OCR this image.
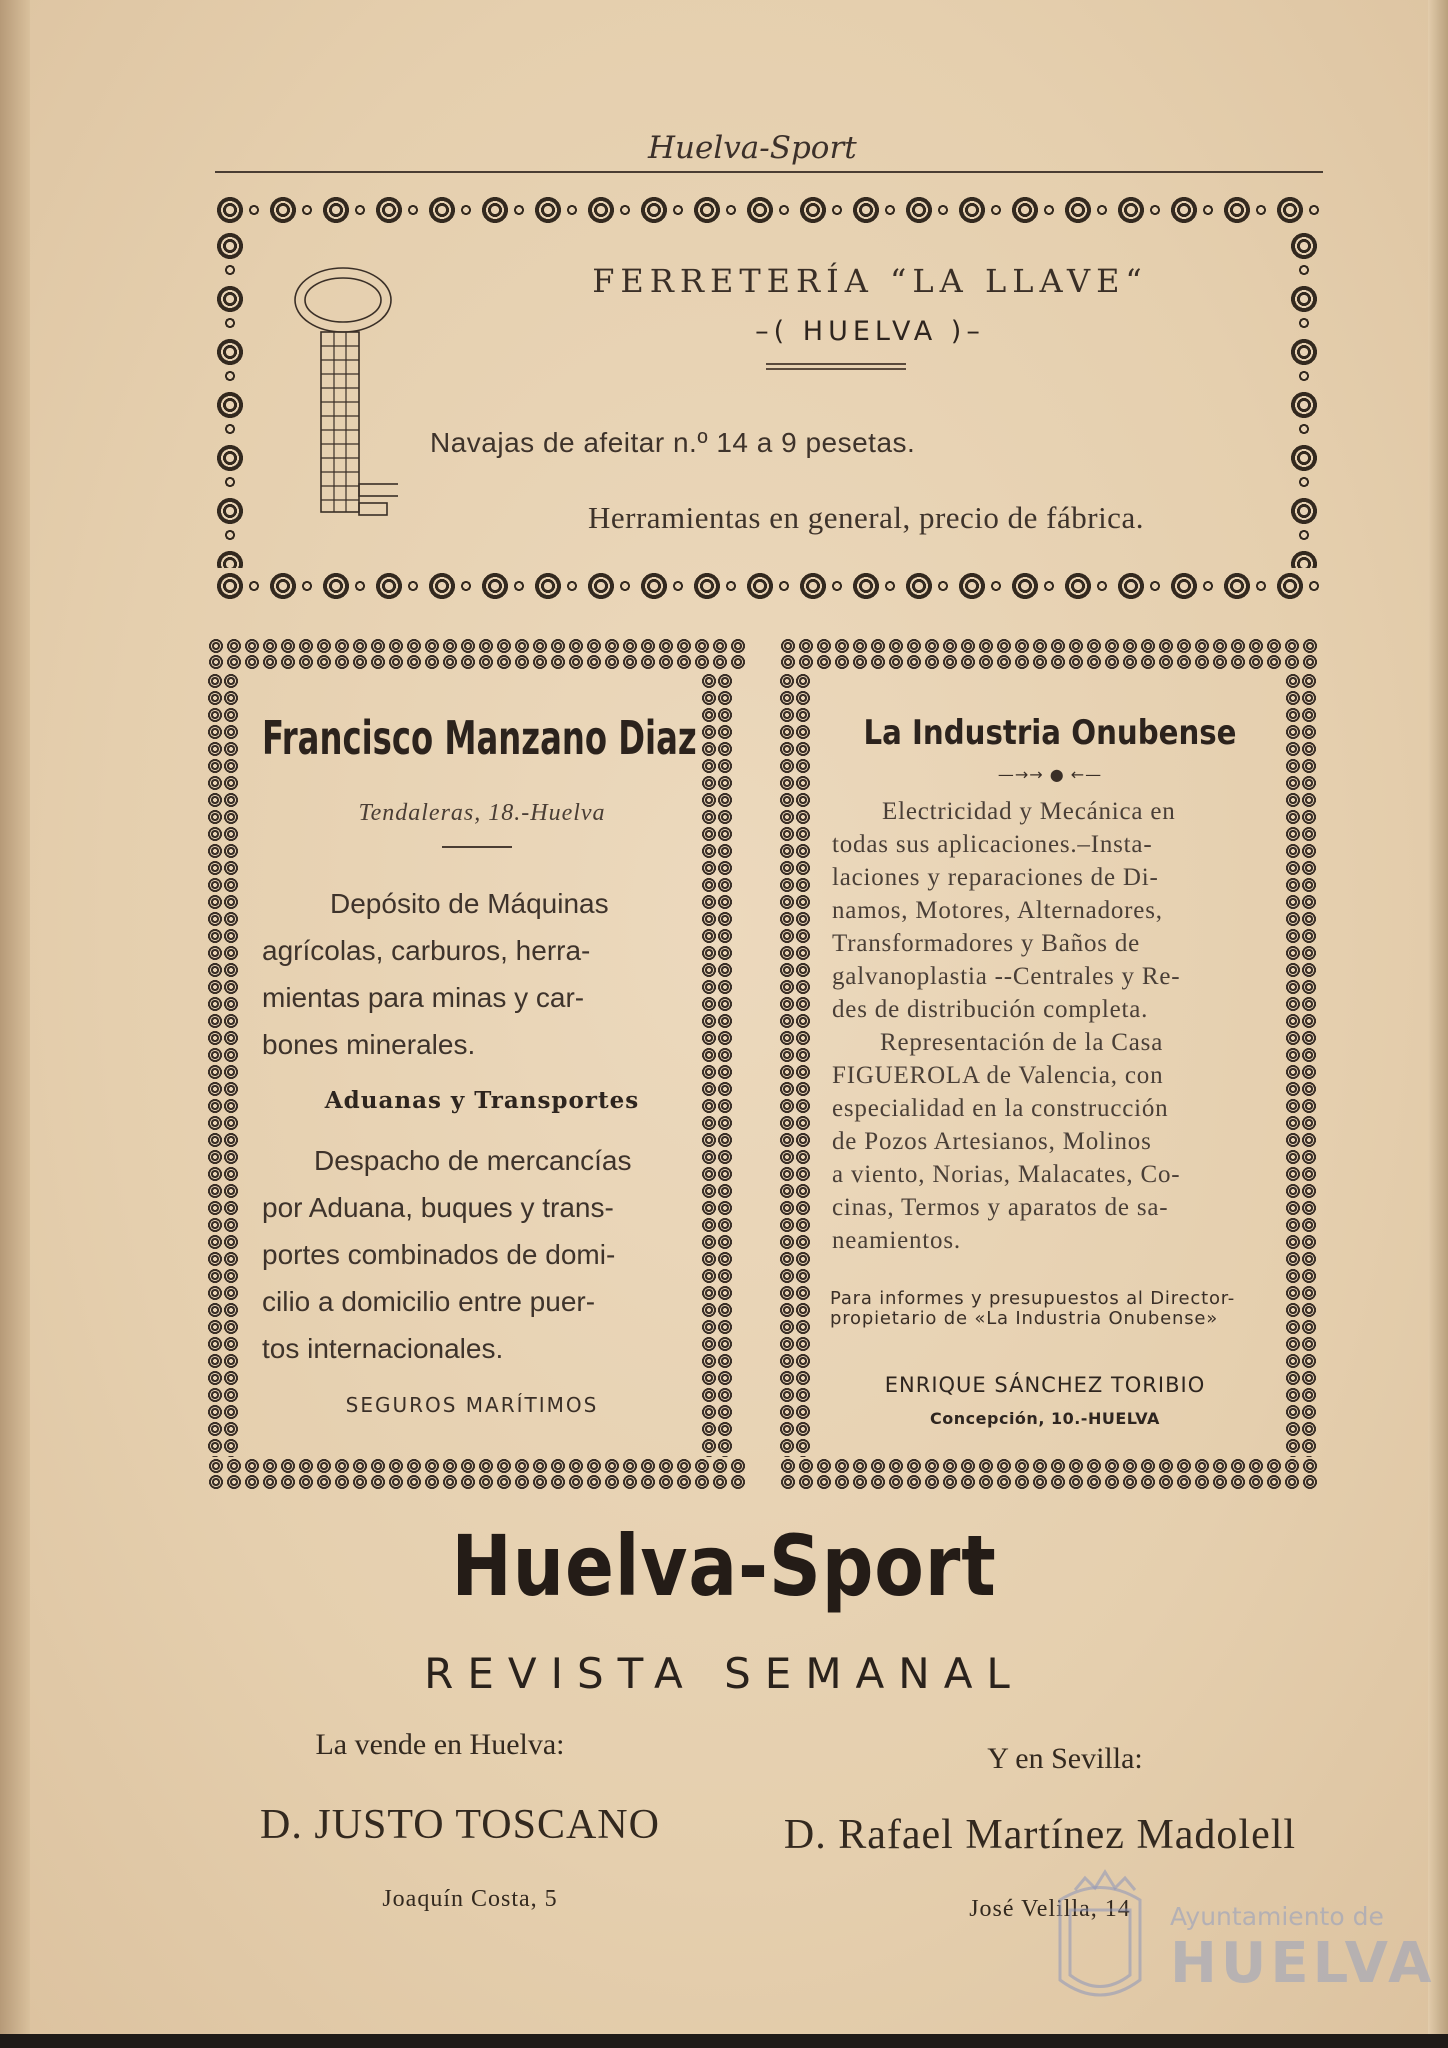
Huelva-Sport
FERRETERÍA “LA LLAVE“
–( HUELVA )–
Navajas de afeitar n.º 14 a 9 pesetas.
Herramientas en general, precio de fábrica.
Francisco Manzano Diaz
Tendaleras, 18.-Huelva
Depósito de Máquinas
agrícolas, carburos, herra-
mientas para minas y car-
bones minerales.
Aduanas y Transportes
Despacho de mercancías
por Aduana, buques y trans-
portes combinados de domi-
cilio a domicilio entre puer-
tos internacionales.
SEGUROS MARÍTIMOS
La Industria Onubense
—→→ ● ←—
Electricidad y Mecánica en
todas sus aplicaciones.–Insta-
laciones y reparaciones de Di-
namos, Motores, Alternadores,
Transformadores y Baños de
galvanoplastia --Centrales y Re-
des de distribución completa.
Representación de la Casa
FIGUEROLA de Valencia, con
especialidad en la construcción
de Pozos Artesianos, Molinos
a viento, Norias, Malacates, Co-
cinas, Termos y aparatos de sa-
neamientos.
Para informes y presupuestos al Director-propietario de «La Industria Onubense»
ENRIQUE SÁNCHEZ TORIBIO
Concepción, 10.-HUELVA
Huelva-Sport
REVISTA SEMANAL
La vende en Huelva:
D. JUSTO TOSCANO
Joaquín Costa, 5
Y en Sevilla:
D. Rafael Martínez Madolell
José Velilla, 14	Ayuntamiento de
HUELVA
